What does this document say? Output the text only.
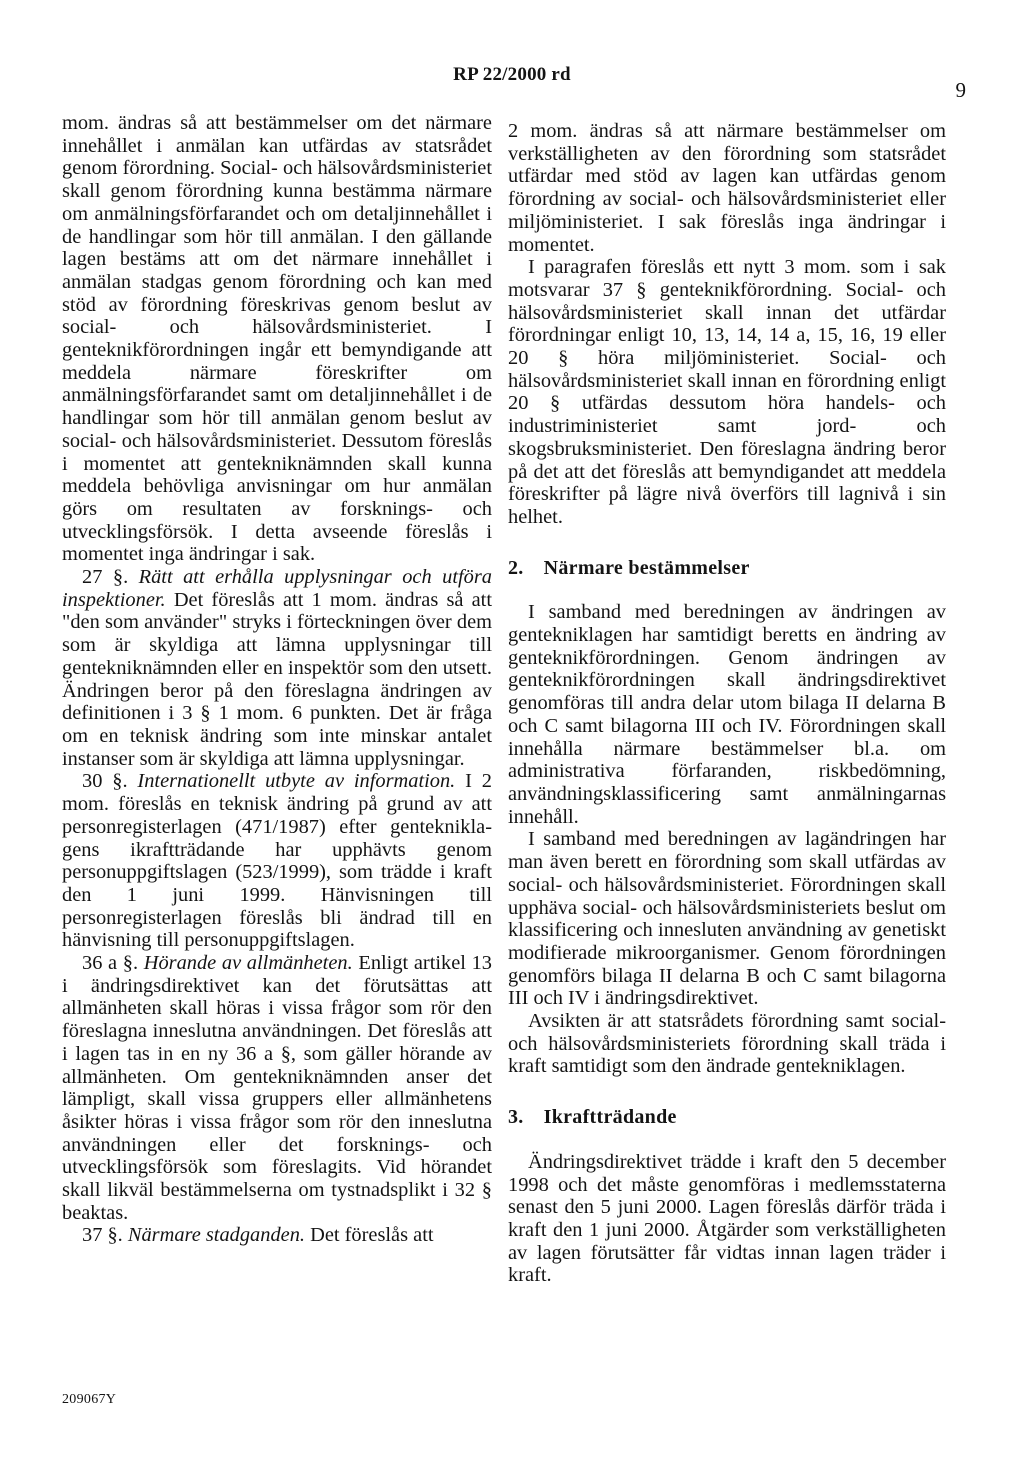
RP 22/2000 rd
9

mom. ändras så att bestämmelser om det närmare innehållet i anmälan kan utfärdas av statsrådet genom förordning. Social- och hälsovårdsministeriet skall genom förordning kunna bestämma närmare om anmälningsförfarandet och om detaljinnehållet i de handlingar som hör till anmälan. I den gällande lagen bestäms att om det närmare innehållet i anmälan stadgas genom förordning och kan med stöd av förordning föreskrivas genom beslut av social- och hälsovårdsministeriet. I genteknikförordningen ingår ett bemyndigande att meddela närmare föreskrifter om anmälningsförfarandet samt om detaljinnehållet i de handlingar som hör till anmälan genom beslut av social- och hälsovårdsministeriet. Dessutom föreslås i momentet att gentekniknämnden skall kunna meddela behövliga anvisningar om hur anmälan görs om resultaten av forsknings- och utvecklingsförsök. I detta avseende föreslås i momentet inga ändringar i sak.

27 §. Rätt att erhålla upplysningar och utföra inspektioner. Det föreslås att 1 mom. ändras så att "den som använder" stryks i förteckningen över dem som är skyldiga att lämna upplysningar till gentekniknämnden eller en inspektör som den utsett. Ändringen beror på den föreslagna ändringen av definitionen i 3 § 1 mom. 6 punkten. Det är fråga om en teknisk ändring som inte minskar antalet instanser som är skyldiga att lämna upplysningar.

30 §. Internationellt utbyte av information. I 2 mom. föreslås en teknisk ändring på grund av att personregisterlagen (471/1987) efter gentekniklagens ikraftträdande har upphävts genom personuppgiftslagen (523/1999), som trädde i kraft den 1 juni 1999. Hänvisningen till personregisterlagen föreslås bli ändrad till en hänvisning till personuppgiftslagen.

36 a §. Hörande av allmänheten. Enligt artikel 13 i ändringsdirektivet kan det förutsättas att allmänheten skall höras i vissa frågor som rör den föreslagna inneslutna användningen. Det föreslås att i lagen tas in en ny 36 a §, som gäller hörande av allmänheten. Om gentekniknämnden anser det lämpligt, skall vissa gruppers eller allmänhetens åsikter höras i vissa frågor som rör den inneslutna användningen eller det forsknings- och utvecklingsförsök som föreslagits. Vid hörandet skall likväl bestämmelserna om tystnadsplikt i 32 § beaktas.

37 §. Närmare stadganden. Det föreslås att

2 mom. ändras så att närmare bestämmelser om verkställigheten av den förordning som statsrådet utfärdar med stöd av lagen kan utfärdas genom förordning av social- och hälsovårdsministeriet eller miljöministeriet. I sak föreslås inga ändringar i momentet.

I paragrafen föreslås ett nytt 3 mom. som i sak motsvarar 37 § genteknikförordning. Social- och hälsovårdsministeriet skall innan det utfärdar förordningar enligt 10, 13, 14, 14 a, 15, 16, 19 eller 20 § höra miljöministeriet. Social- och hälsovårdsministeriet skall innan en förordning enligt 20 § utfärdas dessutom höra handels- och industriministeriet samt jord- och skogsbruksministeriet. Den föreslagna ändring beror på det att det föreslås att bemyndigandet att meddela föreskrifter på lägre nivå överförs till lagnivå i sin helhet.

2. Närmare bestämmelser

I samband med beredningen av ändringen av gentekniklagen har samtidigt beretts en ändring av genteknikförordningen. Genom ändringen av genteknikförordningen skall ändringsdirektivet genomföras till andra delar utom bilaga II delarna B och C samt bilagorna III och IV. Förordningen skall innehålla närmare bestämmelser bl.a. om administrativa förfaranden, riskbedömning, användningsklassificering samt anmälningarnas innehåll.

I samband med beredningen av lagändringen har man även berett en förordning som skall utfärdas av social- och hälsovårdsministeriet. Förordningen skall upphäva social- och hälsovårdsministeriets beslut om klassificering och innesluten användning av genetiskt modifierade mikroorganismer. Genom förordningen genomförs bilaga II delarna B och C samt bilagorna III och IV i ändringsdirektivet.

Avsikten är att statsrådets förordning samt social- och hälsovårdsministeriets förordning skall träda i kraft samtidigt som den ändrade gentekniklagen.

3. Ikraftträdande

Ändringsdirektivet trädde i kraft den 5 december 1998 och det måste genomföras i medlemsstaterna senast den 5 juni 2000. Lagen föreslås därför träda i kraft den 1 juni 2000. Åtgärder som verkställigheten av lagen förutsätter får vidtas innan lagen träder i kraft.

209067Y
